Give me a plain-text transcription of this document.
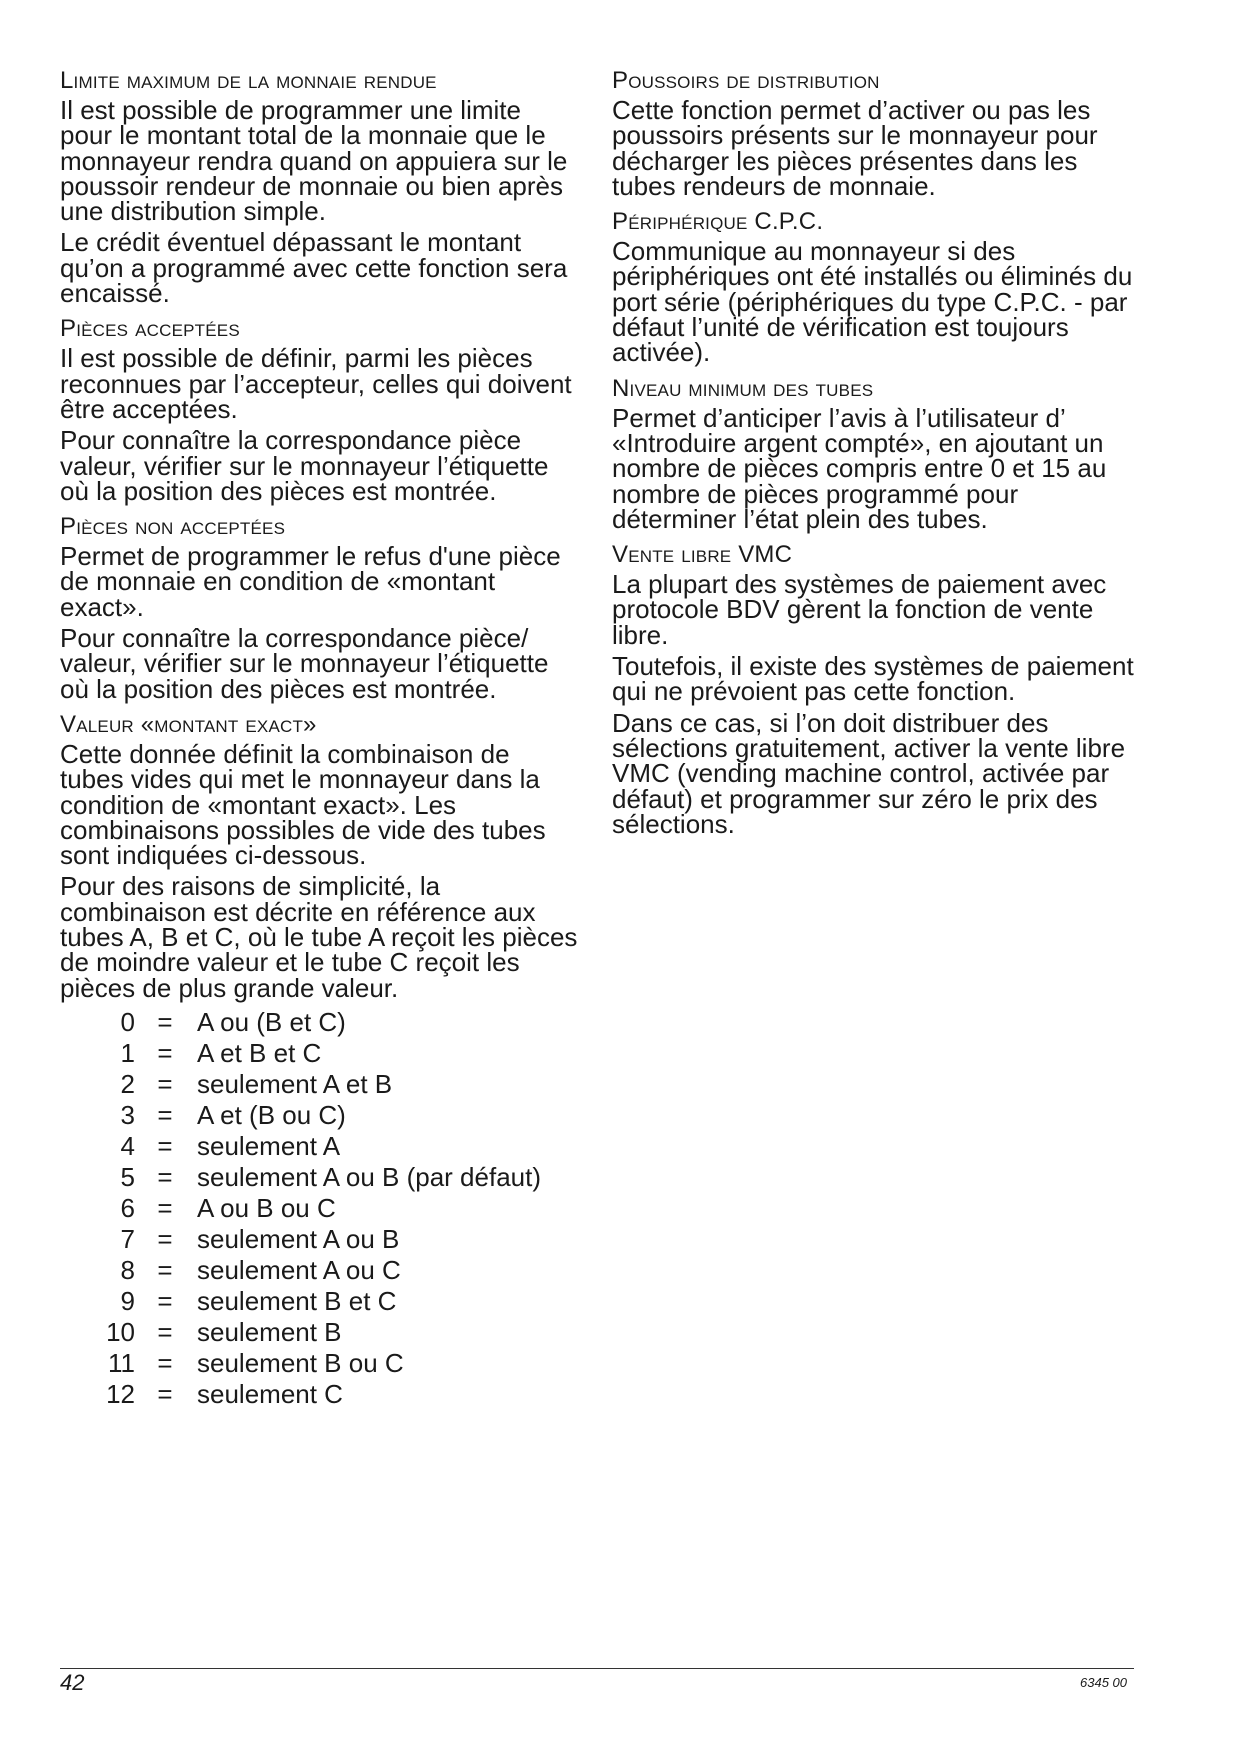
Limite maximum de la monnaie rendue

Il est possible de programmer une limite pour le montant total de la monnaie que le monnayeur rendra quand on appuiera sur le poussoir rendeur de monnaie ou bien après une distribution simple.

Le crédit éventuel dépassant le montant qu’on a programmé avec cette fonction sera encaissé.

Pièces acceptées

Il est possible de définir, parmi les pièces reconnues par l’accepteur, celles qui doivent être acceptées.

Pour connaître la correspondance pièce valeur, vérifier sur le monnayeur l’étiquette où la position des pièces est montrée.

Pièces non acceptées

Permet de programmer le refus d'une pièce de monnaie en condition de «montant exact».

Pour connaître la correspondance pièce/ valeur, vérifier sur le monnayeur l’étiquette où la position des pièces est montrée.

Valeur «montant exact»

Cette donnée définit la combinaison de tubes vides qui met le monnayeur dans la condition de «montant exact». Les combinaisons possibles de vide des tubes sont indiquées ci-dessous.

Pour des raisons de simplicité, la combinaison est décrite en référence aux tubes A, B et C, où le tube A reçoit les pièces de moindre valeur et le tube C reçoit les pièces de plus grande valeur.

0 = A ou (B et C)
1 = A et B et C
2 = seulement A et B
3 = A et (B ou C)
4 = seulement A
5 = seulement A ou B (par défaut)
6 = A ou B ou C
7 = seulement A ou B
8 = seulement A ou C
9 = seulement B et C
10 = seulement B
11 = seulement B ou C
12 = seulement C
Poussoirs de distribution

Cette fonction permet d’activer ou pas les poussoirs présents sur le monnayeur pour décharger les pièces présentes dans les tubes rendeurs de monnaie.

Périphérique C.P.C.

Communique au monnayeur si des périphériques ont été installés ou éliminés du port série (périphériques du type C.P.C. - par défaut l’unité de vérification est toujours activée).

Niveau minimum des tubes

Permet d’anticiper l’avis à l’utilisateur d’ «Introduire argent compté», en ajoutant un nombre de pièces compris entre 0 et 15 au nombre de pièces programmé pour déterminer l’état plein des tubes.

Vente libre VMC

La plupart des systèmes de paiement avec protocole BDV gèrent la fonction de vente libre.

Toutefois, il existe des systèmes de paiement qui ne prévoient pas cette fonction.

Dans ce cas, si l’on doit distribuer des sélections gratuitement, activer la vente libre VMC (vending machine control, activée par défaut) et programmer sur zéro le prix des sélections.

42	6345 00
